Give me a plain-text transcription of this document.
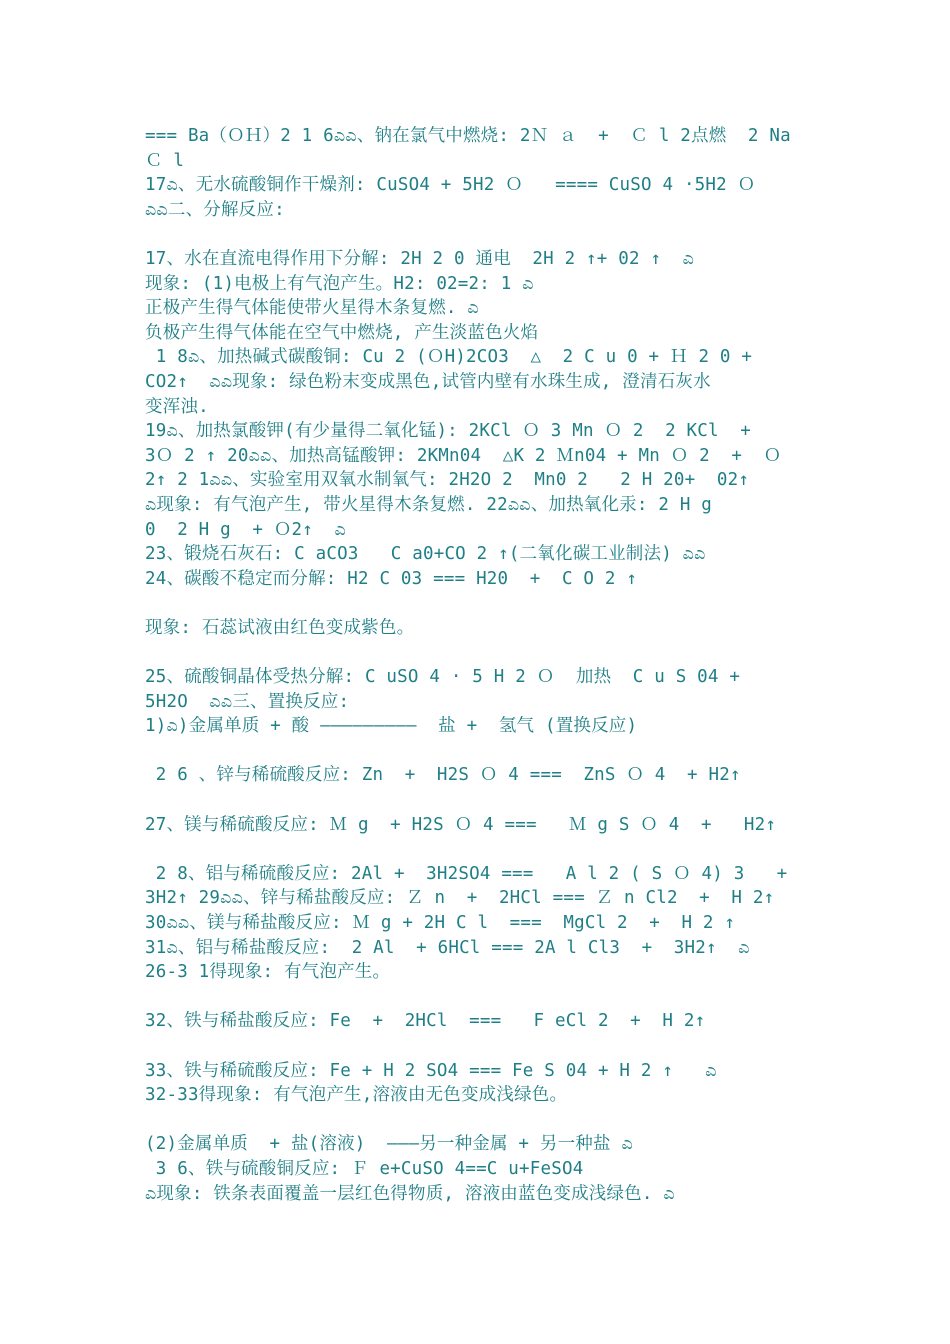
=== Ba（ＯＨ）2 1 6ಎಎ、钠在氯气中燃烧: 2Ｎ ａ  +  Ｃ l 2点燃  2 Na
Ｃ l
17ಎ、无水硫酸铜作干燥剂: CuSO4 + 5H2 Ｏ   ==== CuSO 4 ·5H2 Ｏ
ಎಎ二、分解反应:
17、水在直流电得作用下分解: 2H 2 0 通电  2H 2 ↑+ 02 ↑  ಎ
现象: (1)电极上有气泡产生。H2: 02=2: 1 ಎ
正极产生得气体能使带火星得木条复燃. ಎ
负极产生得气体能在空气中燃烧, 产生淡蓝色火焰
1 8ಎ、加热碱式碳酸铜: Cu 2 (ＯH)2CO3  △  2 C u 0 + Ｈ 2 0 +
CO2↑  ಎಎ现象: 绿色粉末变成黑色,试管内壁有水珠生成, 澄清石灰水
变浑浊.
19ಎ、加热氯酸钾(有少量得二氧化锰): 2KCl Ｏ 3 Mn Ｏ 2  2 KCl  +
3Ｏ 2 ↑ 20ಎಎ、加热高锰酸钾: 2KMn04  △K 2 Ｍn04 + Mn Ｏ 2  +  Ｏ
2↑ 2 1ಎಎ、实验室用双氧水制氧气: 2H2O 2  Mn0 2   2 H 20+  02↑
ಎ现象: 有气泡产生, 带火星得木条复燃. 22ಎಎ、加热氧化汞: 2 H g
0  2 H g  + Ｏ2↑  ಎ
23、锻烧石灰石: C aCO3   C a0+CO 2 ↑(二氧化碳工业制法) ಎಎ
24、碳酸不稳定而分解: H2 C 03 === H20  +  C O 2 ↑
现象: 石蕊试液由红色变成紫色。
25、硫酸铜晶体受热分解: C uSO 4 · 5 H 2 Ｏ  加热  C u S 04 +
5H2O  ಎಎ三、置换反应:
1)ಎ)金属单质 + 酸 —————————  盐 +  氢气 (置换反应)
2 6 、锌与稀硫酸反应: Zn  +  H2S Ｏ 4 ===  ZnS Ｏ 4  + H2↑
27、镁与稀硫酸反应: Ｍ g  + H2S Ｏ 4 ===   Ｍ g S Ｏ 4  +   H2↑
2 8、铝与稀硫酸反应: 2Al +  3H2SO4 ===   A l 2 ( S Ｏ 4) 3   +
3H2↑ 29ಎಎ、锌与稀盐酸反应: Ｚ n  +  2HCl === Ｚ n Cl2  +  H 2↑
30ಎಎ、镁与稀盐酸反应: Ｍ g + 2H C l  ===  MgCl 2  +  H 2 ↑
31ಎ、铝与稀盐酸反应:  2 Al  + 6HCl === 2A l Cl3  +  3H2↑  ಎ
26-3 1得现象: 有气泡产生。
32、铁与稀盐酸反应: Fe  +  2HCl  ===   F eCl 2  +  H 2↑
33、铁与稀硫酸反应: Fe + H 2 SO4 === Fe S 04 + H 2 ↑   ಎ
32-33得现象: 有气泡产生,溶液由无色变成浅绿色。
(2)金属单质  + 盐(溶液)  ———另一种金属 + 另一种盐 ಎ
3 6、铁与硫酸铜反应: Ｆ e+CuSO 4==C u+FeSO4
ಎ现象: 铁条表面覆盖一层红色得物质, 溶液由蓝色变成浅绿色. ಎ
